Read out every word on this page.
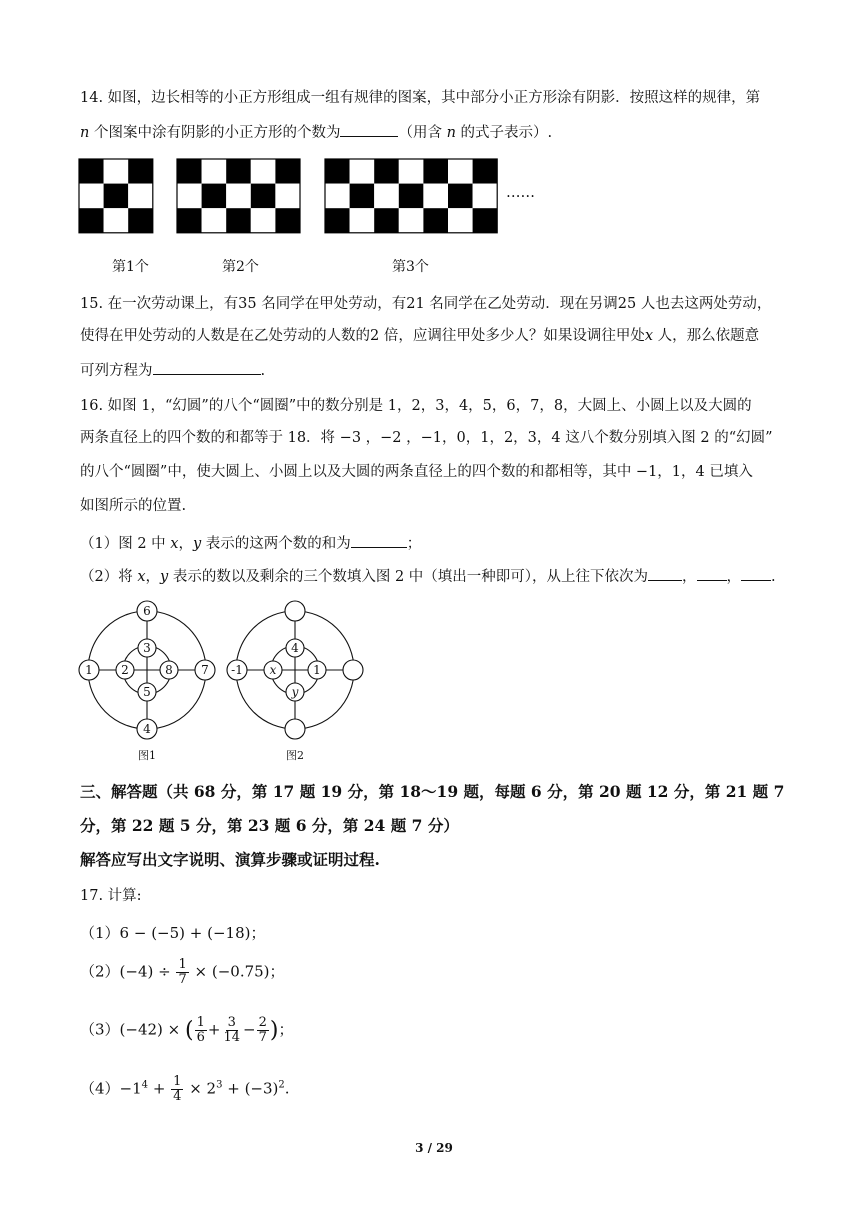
14. 如图，边长相等的小正方形组成一组有规律的图案，其中部分小正方形涂有阴影．按照这样的规律，第
n 个图案中涂有阴影的小正方形的个数为	（用含 n 的式子表示）.
……
第1个	第2个	第3个
15. 在一次劳动课上，有35 名同学在甲处劳动，有21 名同学在乙处劳动．现在另调25 人也去这两处劳动，
使得在甲处劳动的人数是在乙处劳动的人数的2 倍，应调往甲处多少人？如果设调往甲处x 人，那么依题意
可列方程为	.
16. 如图 1，“幻圆”的八个“圆圈”中的数分别是 1，2，3，4，5，6，7，8，大圆上、小圆上以及大圆的
两条直径上的四个数的和都等于 18．将 −3 ，−2 ，−1，0，1，2，3，4 这八个数分别填入图 2 的“幻圆”
的八个“圆圈”中，使大圆上、小圆上以及大圆的两条直径上的四个数的和都相等，其中 −1，1，4 已填入
如图所示的位置.
（1）图 2 中 x，y 表示的这两个数的和为	；
（2）将 x，y 表示的数以及剩余的三个数填入图 2 中（填出一种即可），从上往下依次为 ， ， .
6
1	7
4
3
2	8
5
图1
-1
4
x	1
y
图2
三、解答题（共 68 分，第 17 题 19 分，第 18～19 题，每题 6 分，第 20 题 12 分，第 21 题 7
分，第 22 题 5 分，第 23 题 6 分，第 24 题 7 分）
解答应写出文字说明、演算步骤或证明过程.
17. 计算:
（1）6 − (−5) + (−18)；
$(2)(-4) \div \frac{1}{7} \times (-0.75)$；
（3）(−42) × ( $\frac{1}{6} + \frac{3}{14} - \frac{2}{7}$ )；
$(4)-1^4 + \frac{1}{4} \times 2^3 + (-3)^2$.
3 / 29
